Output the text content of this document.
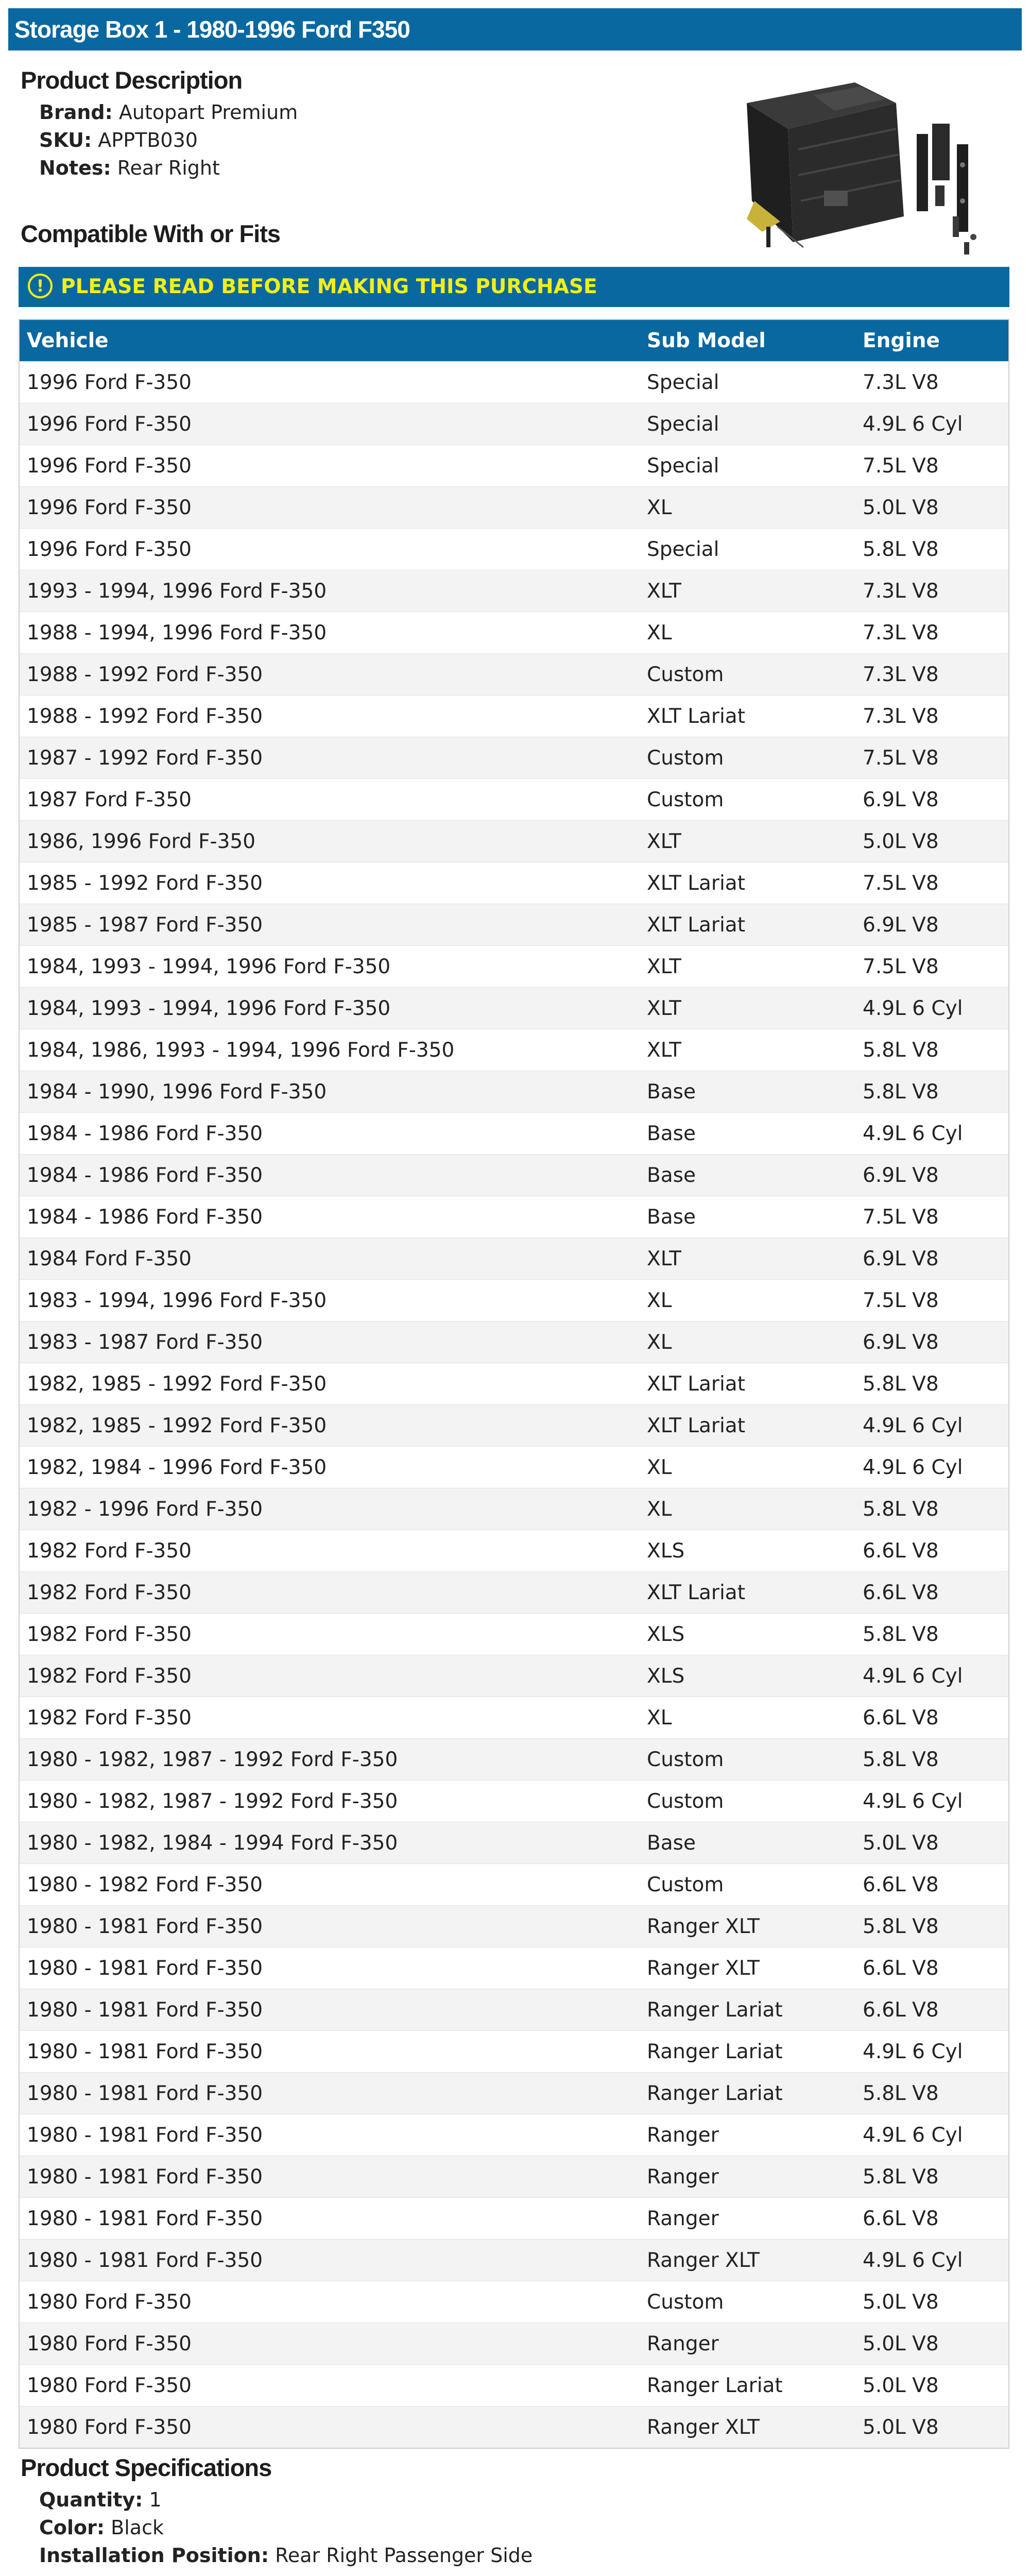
Storage Box 1 - 1980-1996 Ford F350
Product Description
Brand: Autopart Premium
SKU: APPTB030
Notes: Rear Right
Compatible With or Fits
! PLEASE READ BEFORE MAKING THIS PURCHASE
Vehicle	Sub Model	Engine
1996 Ford F-350	Special	7.3L V8
1996 Ford F-350	Special	4.9L 6 Cyl
1996 Ford F-350	Special	7.5L V8
1996 Ford F-350	XL	5.0L V8
1996 Ford F-350	Special	5.8L V8
1993 - 1994, 1996 Ford F-350	XLT	7.3L V8
1988 - 1994, 1996 Ford F-350	XL	7.3L V8
1988 - 1992 Ford F-350	Custom	7.3L V8
1988 - 1992 Ford F-350	XLT Lariat	7.3L V8
1987 - 1992 Ford F-350	Custom	7.5L V8
1987 Ford F-350	Custom	6.9L V8
1986, 1996 Ford F-350	XLT	5.0L V8
1985 - 1992 Ford F-350	XLT Lariat	7.5L V8
1985 - 1987 Ford F-350	XLT Lariat	6.9L V8
1984, 1993 - 1994, 1996 Ford F-350	XLT	7.5L V8
1984, 1993 - 1994, 1996 Ford F-350	XLT	4.9L 6 Cyl
1984, 1986, 1993 - 1994, 1996 Ford F-350	XLT	5.8L V8
1984 - 1990, 1996 Ford F-350	Base	5.8L V8
1984 - 1986 Ford F-350	Base	4.9L 6 Cyl
1984 - 1986 Ford F-350	Base	6.9L V8
1984 - 1986 Ford F-350	Base	7.5L V8
1984 Ford F-350	XLT	6.9L V8
1983 - 1994, 1996 Ford F-350	XL	7.5L V8
1983 - 1987 Ford F-350	XL	6.9L V8
1982, 1985 - 1992 Ford F-350	XLT Lariat	5.8L V8
1982, 1985 - 1992 Ford F-350	XLT Lariat	4.9L 6 Cyl
1982, 1984 - 1996 Ford F-350	XL	4.9L 6 Cyl
1982 - 1996 Ford F-350	XL	5.8L V8
1982 Ford F-350	XLS	6.6L V8
1982 Ford F-350	XLT Lariat	6.6L V8
1982 Ford F-350	XLS	5.8L V8
1982 Ford F-350	XLS	4.9L 6 Cyl
1982 Ford F-350	XL	6.6L V8
1980 - 1982, 1987 - 1992 Ford F-350	Custom	5.8L V8
1980 - 1982, 1987 - 1992 Ford F-350	Custom	4.9L 6 Cyl
1980 - 1982, 1984 - 1994 Ford F-350	Base	5.0L V8
1980 - 1982 Ford F-350	Custom	6.6L V8
1980 - 1981 Ford F-350	Ranger XLT	5.8L V8
1980 - 1981 Ford F-350	Ranger XLT	6.6L V8
1980 - 1981 Ford F-350	Ranger Lariat	6.6L V8
1980 - 1981 Ford F-350	Ranger Lariat	4.9L 6 Cyl
1980 - 1981 Ford F-350	Ranger Lariat	5.8L V8
1980 - 1981 Ford F-350	Ranger	4.9L 6 Cyl
1980 - 1981 Ford F-350	Ranger	5.8L V8
1980 - 1981 Ford F-350	Ranger	6.6L V8
1980 - 1981 Ford F-350	Ranger XLT	4.9L 6 Cyl
1980 Ford F-350	Custom	5.0L V8
1980 Ford F-350	Ranger	5.0L V8
1980 Ford F-350	Ranger Lariat	5.0L V8
1980 Ford F-350	Ranger XLT	5.0L V8
Product Specifications
Quantity: 1
Color: Black
Installation Position: Rear Right Passenger Side
